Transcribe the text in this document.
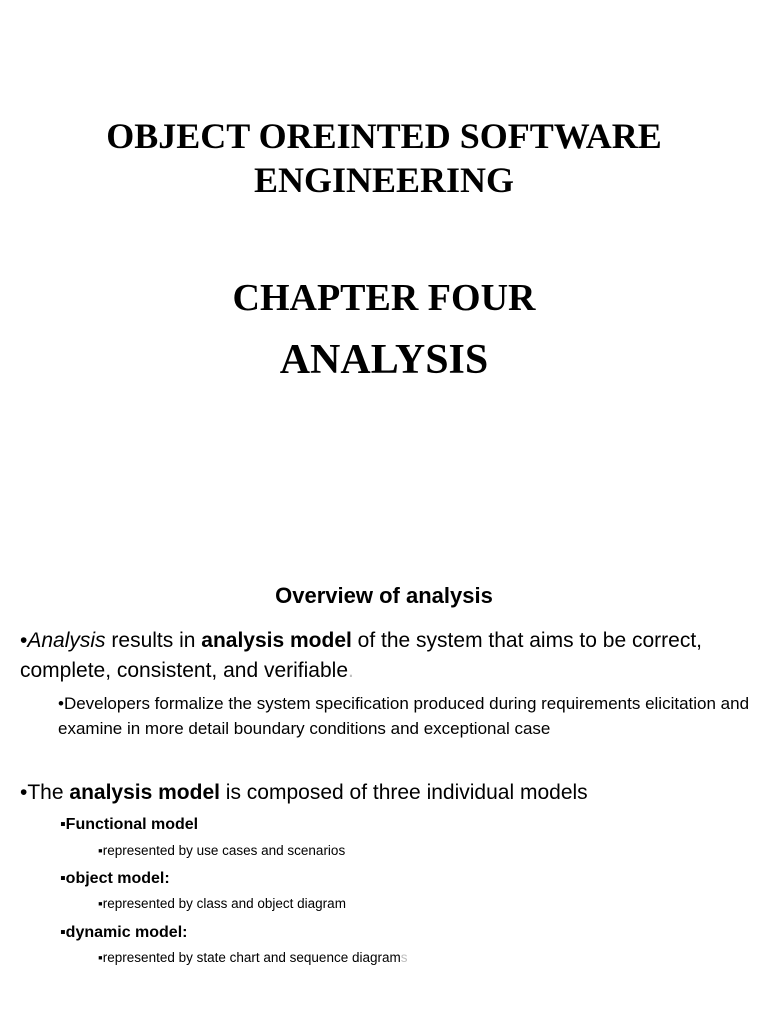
OBJECT OREINTED SOFTWARE
ENGINEERING
CHAPTER FOUR
ANALYSIS
Overview of analysis
•Analysis results in analysis model of the system that aims to be correct, complete, consistent, and verifiable.
•Developers formalize the system specification produced during requirements elicitation and examine in more detail boundary conditions and exceptional case
•The analysis model is composed of three individual models
▪Functional model
▪represented by use cases and scenarios
▪object model:
▪represented by class and object diagram
▪dynamic model:
▪represented by state chart and sequence diagrams
